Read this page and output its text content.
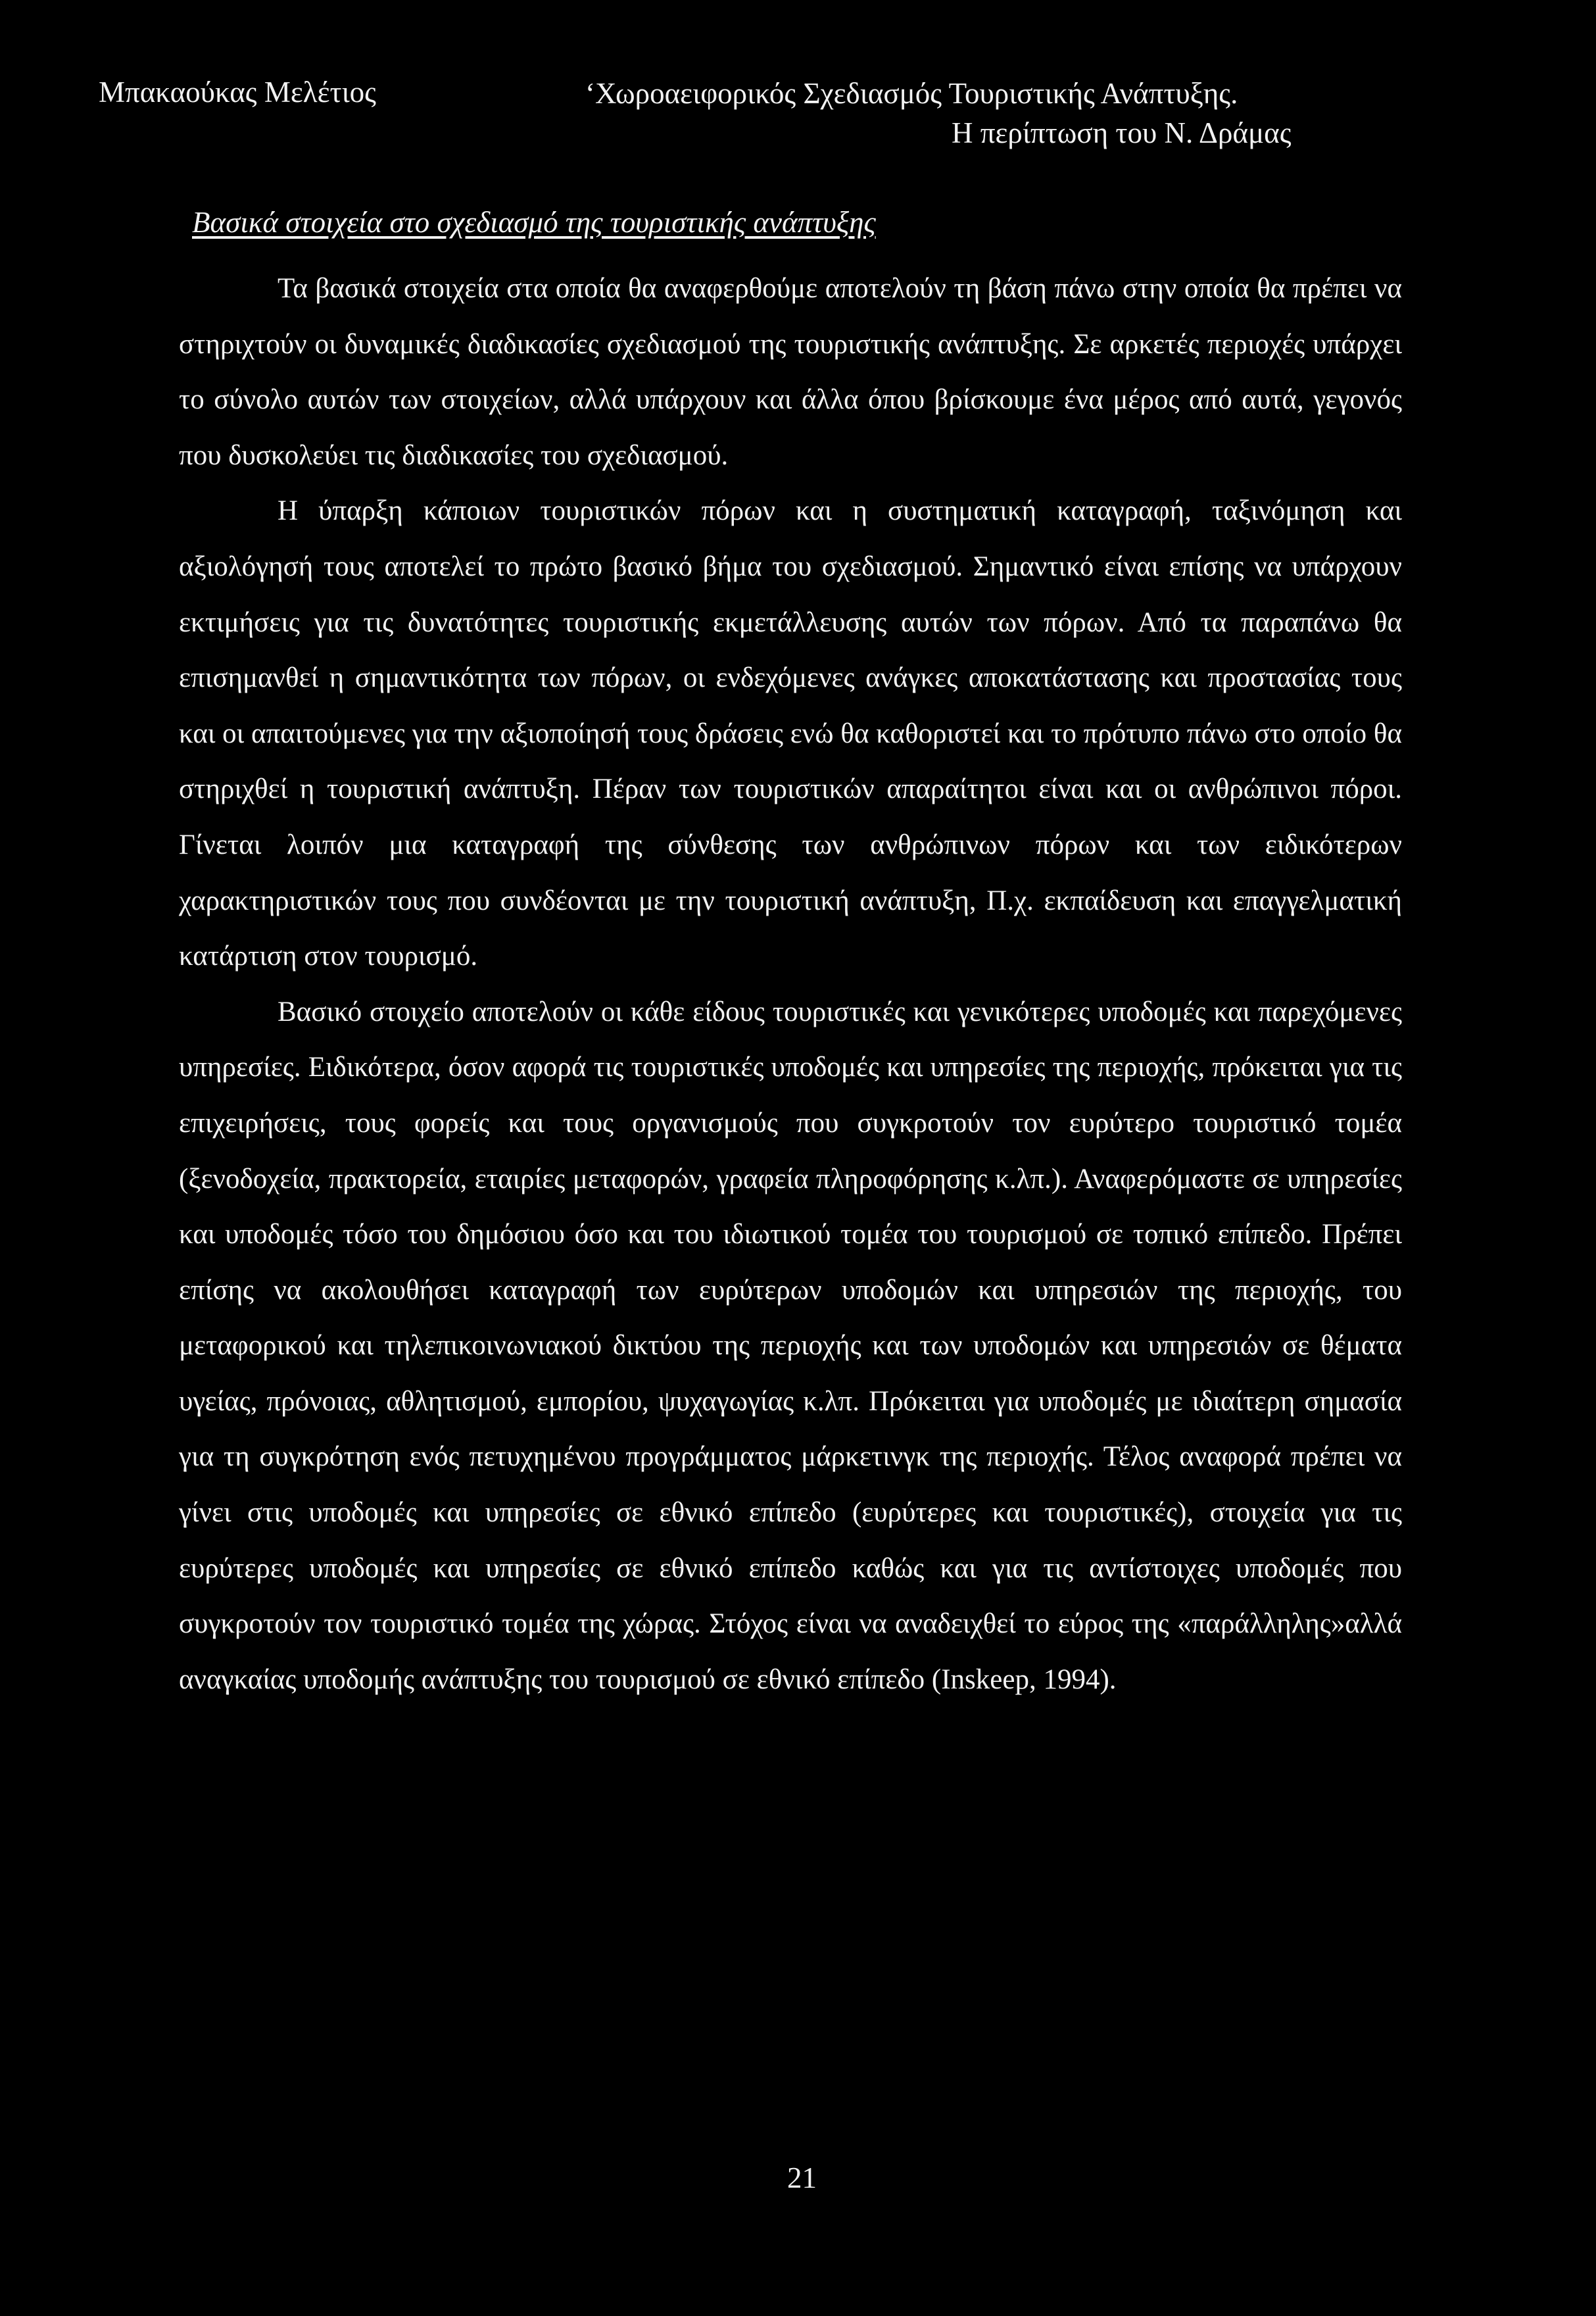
Μπακαούκας Μελέτιος	‘Χωροαειφορικός Σχεδιασμός Τουριστικής Ανάπτυξης.
Η περίπτωση του Ν. Δράμας
Βασικά στοιχεία στο σχεδιασμό της τουριστικής ανάπτυξης

Τα βασικά στοιχεία στα οποία θα αναφερθούμε αποτελούν τη βάση πάνω στην οποία θα πρέπει να στηριχτούν οι δυναμικές διαδικασίες σχεδιασμού της τουριστικής ανάπτυξης. Σε αρκετές περιοχές υπάρχει το σύνολο αυτών των στοιχείων, αλλά υπάρχουν και άλλα όπου βρίσκουμε ένα μέρος από αυτά, γεγονός που δυσκολεύει τις διαδικασίες του σχεδιασμού.

Η ύπαρξη κάποιων τουριστικών πόρων και η συστηματική καταγραφή, ταξινόμηση και αξιολόγησή τους αποτελεί το πρώτο βασικό βήμα του σχεδιασμού. Σημαντικό είναι επίσης να υπάρχουν εκτιμήσεις για τις δυνατότητες τουριστικής εκμετάλλευσης αυτών των πόρων. Από τα παραπάνω θα επισημανθεί η σημαντικότητα των πόρων, οι ενδεχόμενες ανάγκες αποκατάστασης και προστασίας τους και οι απαιτούμενες για την αξιοποίησή τους δράσεις ενώ θα καθοριστεί και το πρότυπο πάνω στο οποίο θα στηριχθεί η τουριστική ανάπτυξη. Πέραν των τουριστικών απαραίτητοι είναι και οι ανθρώπινοι πόροι. Γίνεται λοιπόν μια καταγραφή της σύνθεσης των ανθρώπινων πόρων και των ειδικότερων χαρακτηριστικών τους που συνδέονται με την τουριστική ανάπτυξη, Π.χ. εκπαίδευση και επαγγελματική κατάρτιση στον τουρισμό.

Βασικό στοιχείο αποτελούν οι κάθε είδους τουριστικές και γενικότερες υποδομές και παρεχόμενες υπηρεσίες. Ειδικότερα, όσον αφορά τις τουριστικές υποδομές και υπηρεσίες της περιοχής, πρόκειται για τις επιχειρήσεις, τους φορείς και τους οργανισμούς που συγκροτούν τον ευρύτερο τουριστικό τομέα (ξενοδοχεία, πρακτορεία, εταιρίες μεταφορών, γραφεία πληροφόρησης κ.λπ.). Αναφερόμαστε σε υπηρεσίες και υποδομές τόσο του δημόσιου όσο και του ιδιωτικού τομέα του τουρισμού σε τοπικό επίπεδο. Πρέπει επίσης να ακολουθήσει καταγραφή των ευρύτερων υποδομών και υπηρεσιών της περιοχής, του μεταφορικού και τηλεπικοινωνιακού δικτύου της περιοχής και των υποδομών και υπηρεσιών σε θέματα υγείας, πρόνοιας, αθλητισμού, εμπορίου, ψυχαγωγίας κ.λπ. Πρόκειται για υποδομές με ιδιαίτερη σημασία για τη συγκρότηση ενός πετυχημένου προγράμματος μάρκετινγκ της περιοχής. Τέλος αναφορά πρέπει να γίνει στις υποδομές και υπηρεσίες σε εθνικό επίπεδο (ευρύτερες και τουριστικές), στοιχεία για τις ευρύτερες υποδομές και υπηρεσίες σε εθνικό επίπεδο καθώς και για τις αντίστοιχες υποδομές που συγκροτούν τον τουριστικό τομέα της χώρας. Στόχος είναι να αναδειχθεί το εύρος της «παράλληλης»αλλά αναγκαίας υποδομής ανάπτυξης του τουρισμού σε εθνικό επίπεδο (Inskeep, 1994).

21
